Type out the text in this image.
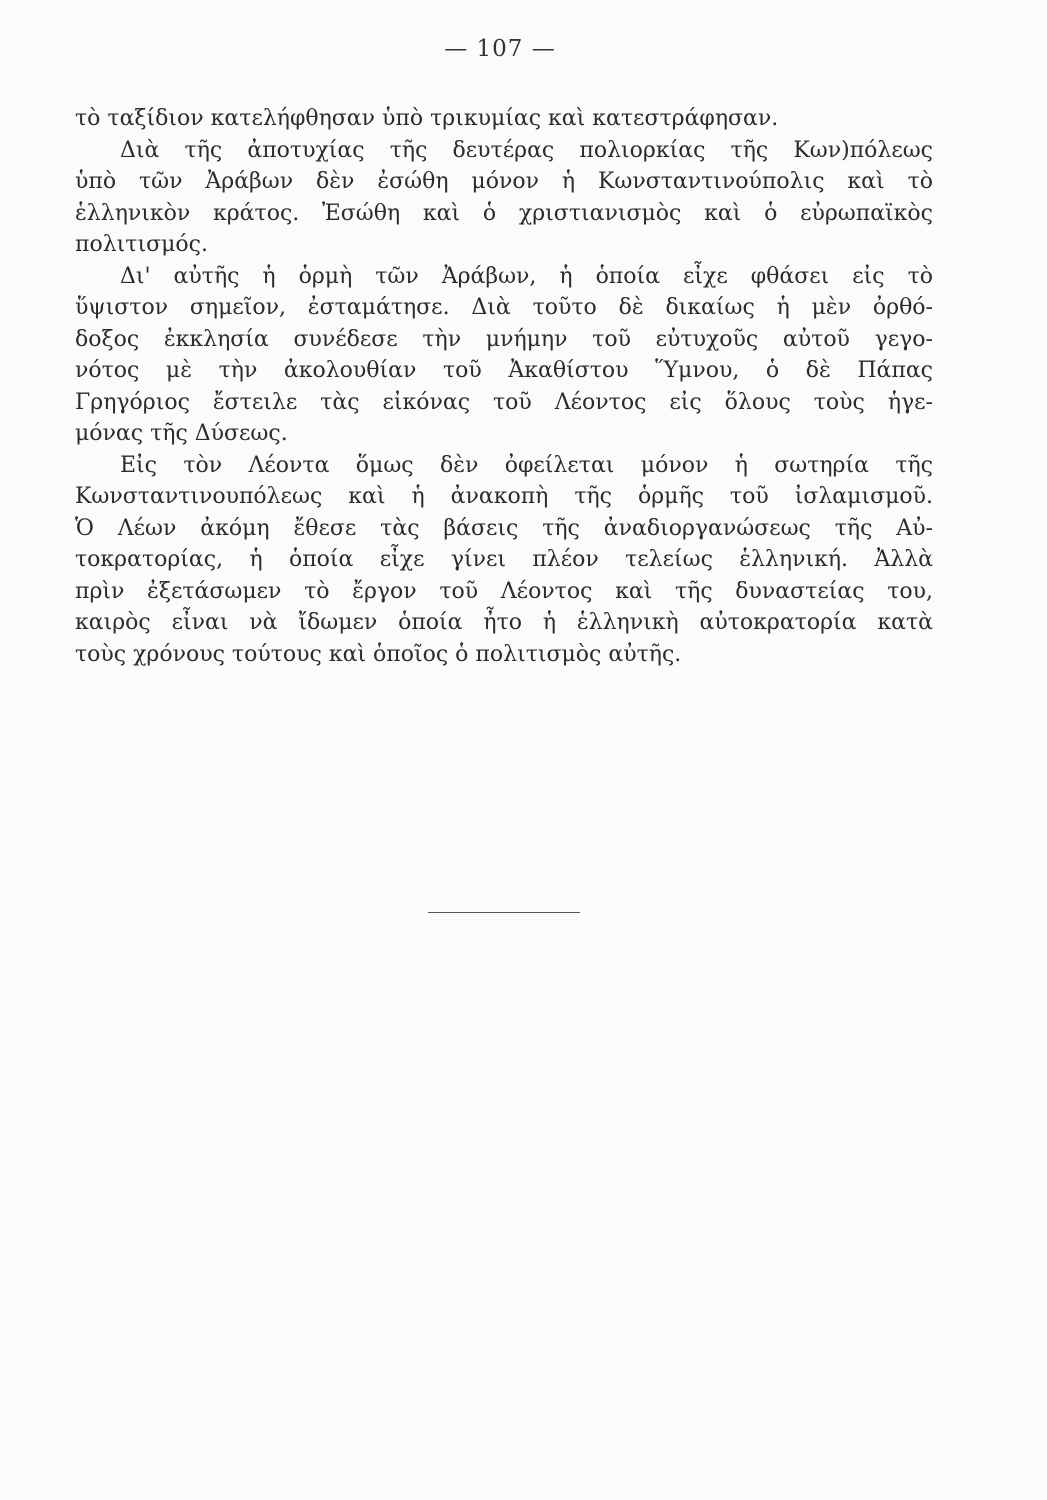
— 107 —
τὸ ταξίδιον κατελήφθησαν ὑπὸ τρικυμίας καὶ κατεστράφησαν.
Διὰ τῆς ἀποτυχίας τῆς δευτέρας πολιορκίας τῆς Κων)πόλεως
ὑπὸ τῶν Ἀράβων δὲν ἐσώθη μόνον ἡ Κωνσταντινούπολις καὶ τὸ
ἑλληνικὸν κράτος. Ἐσώθη καὶ ὁ χριστιανισμὸς καὶ ὁ εὐρωπαϊκὸς
πολιτισμός.
Δι' αὐτῆς ἡ ὁρμὴ τῶν Ἀράβων, ἡ ὁποία εἶχε φθάσει εἰς τὸ
ὕψιστον σημεῖον, ἐσταμάτησε. Διὰ τοῦτο δὲ δικαίως ἡ μὲν ὀρθό-
δοξος ἐκκλησία συνέδεσε τὴν μνήμην τοῦ εὐτυχοῦς αὐτοῦ γεγο-
νότος μὲ τὴν ἀκολουθίαν τοῦ Ἀκαθίστου Ὕμνου, ὁ δὲ Πάπας
Γρηγόριος ἔστειλε τὰς εἰκόνας τοῦ Λέοντος εἰς ὅλους τοὺς ἡγε-
μόνας τῆς Δύσεως.
Εἰς τὸν Λέοντα ὅμως δὲν ὀφείλεται μόνον ἡ σωτηρία τῆς
Κωνσταντινουπόλεως καὶ ἡ ἀνακοπὴ τῆς ὁρμῆς τοῦ ἰσλαμισμοῦ.
Ὁ Λέων ἀκόμη ἔθεσε τὰς βάσεις τῆς ἀναδιοργανώσεως τῆς Αὐ-
τοκρατορίας, ἡ ὁποία εἶχε γίνει πλέον τελείως ἑλληνική. Ἀλλὰ
πρὶν ἐξετάσωμεν τὸ ἔργον τοῦ Λέοντος καὶ τῆς δυναστείας του,
καιρὸς εἶναι νὰ ἴδωμεν ὁποία ἦτο ἡ ἑλληνικὴ αὐτοκρατορία κατὰ
τοὺς χρόνους τούτους καὶ ὁποῖος ὁ πολιτισμὸς αὐτῆς.
